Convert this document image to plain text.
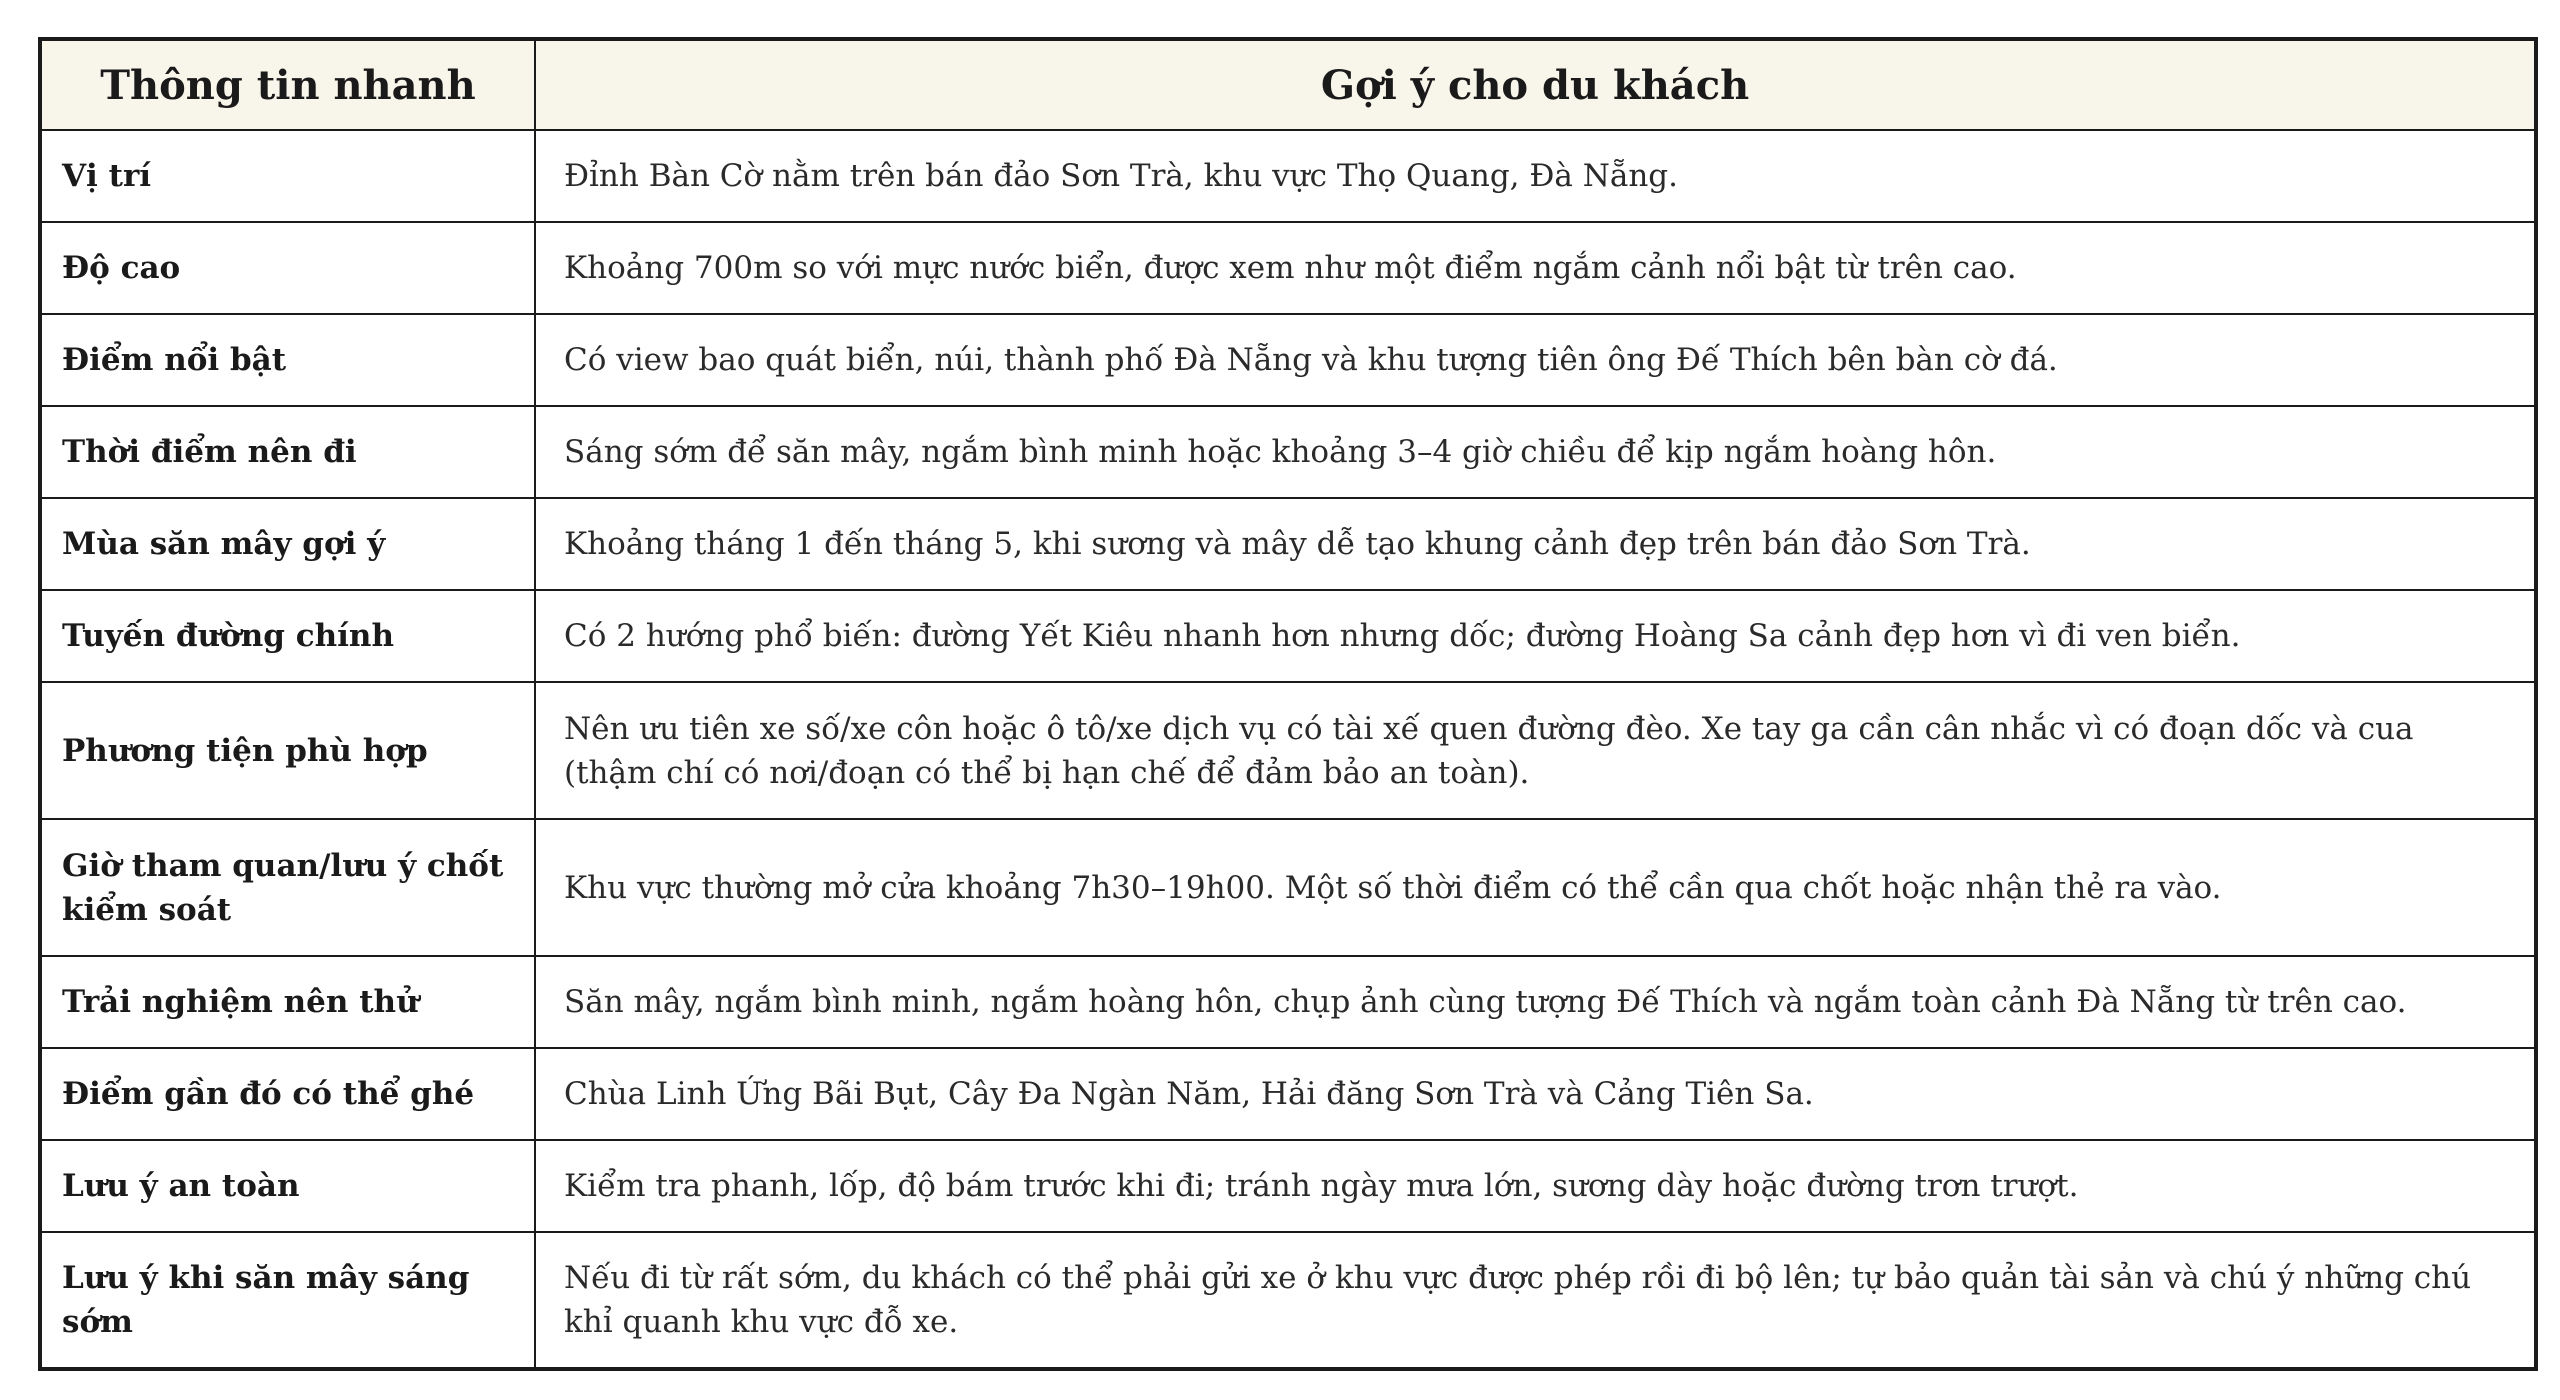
Thông tin nhanh	Gợi ý cho du khách
Vị trí	Đỉnh Bàn Cờ nằm trên bán đảo Sơn Trà, khu vực Thọ Quang, Đà Nẵng.
Độ cao	Khoảng 700m so với mực nước biển, được xem như một điểm ngắm cảnh nổi bật từ trên cao.
Điểm nổi bật	Có view bao quát biển, núi, thành phố Đà Nẵng và khu tượng tiên ông Đế Thích bên bàn cờ đá.
Thời điểm nên đi	Sáng sớm để săn mây, ngắm bình minh hoặc khoảng 3–4 giờ chiều để kịp ngắm hoàng hôn.
Mùa săn mây gợi ý	Khoảng tháng 1 đến tháng 5, khi sương và mây dễ tạo khung cảnh đẹp trên bán đảo Sơn Trà.
Tuyến đường chính	Có 2 hướng phổ biến: đường Yết Kiêu nhanh hơn nhưng dốc; đường Hoàng Sa cảnh đẹp hơn vì đi ven biển.
Phương tiện phù hợp	Nên ưu tiên xe số/xe côn hoặc ô tô/xe dịch vụ có tài xế quen đường đèo. Xe tay ga cần cân nhắc vì có đoạn dốc và cua (thậm chí có nơi/đoạn có thể bị hạn chế để đảm bảo an toàn).
Giờ tham quan/lưu ý chốt kiểm soát	Khu vực thường mở cửa khoảng 7h30–19h00. Một số thời điểm có thể cần qua chốt hoặc nhận thẻ ra vào.
Trải nghiệm nên thử	Săn mây, ngắm bình minh, ngắm hoàng hôn, chụp ảnh cùng tượng Đế Thích và ngắm toàn cảnh Đà Nẵng từ trên cao.
Điểm gần đó có thể ghé	Chùa Linh Ứng Bãi Bụt, Cây Đa Ngàn Năm, Hải đăng Sơn Trà và Cảng Tiên Sa.
Lưu ý an toàn	Kiểm tra phanh, lốp, độ bám trước khi đi; tránh ngày mưa lớn, sương dày hoặc đường trơn trượt.
Lưu ý khi săn mây sáng sớm	Nếu đi từ rất sớm, du khách có thể phải gửi xe ở khu vực được phép rồi đi bộ lên; tự bảo quản tài sản và chú ý những chú khỉ quanh khu vực đỗ xe.
